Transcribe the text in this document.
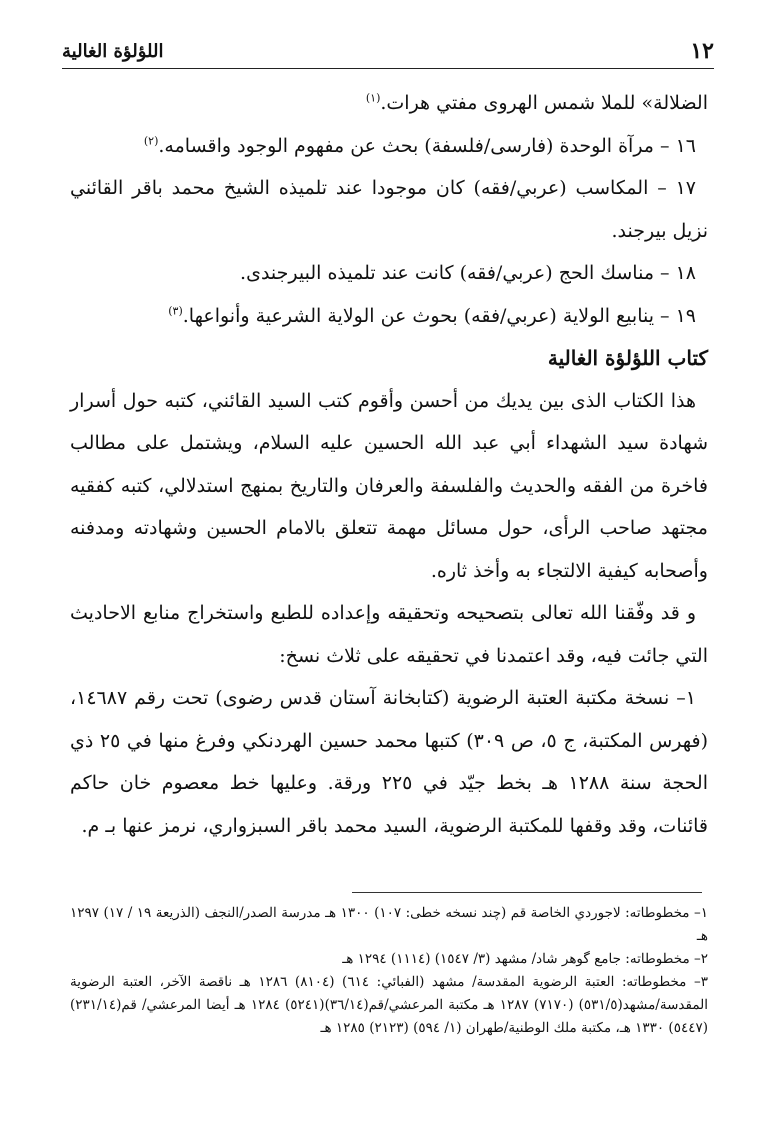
١٢
اللؤلؤة الغالية

الضلالة» للملا شمس الهروى مفتي هرات.$^{(١)}$

١٦ – مرآة الوحدة (فارسى/فلسفة) بحث عن مفهوم الوجود واقسامه.$^{(٢)}$

١٧ – المكاسب (عربي/فقه) كان موجودا عند تلميذه الشيخ محمد باقر القائني نزيل بيرجند.

١٨ – مناسك الحج (عربي/فقه) كانت عند تلميذه البيرجندى.

١٩ – ينابيع الولاية (عربي/فقه) بحوث عن الولاية الشرعية وأنواعها.$^{(٣)}$

كتاب اللؤلؤة الغالية

هذا الكتاب الذى بين يديك من أحسن وأقوم كتب السيد القائني، كتبه حول أسرار شهادة سيد الشهداء أبي عبد الله الحسين عليه السلام، ويشتمل على مطالب فاخرة من الفقه والحديث والفلسفة والعرفان والتاريخ بمنهج استدلالي، كتبه كفقيه مجتهد صاحب الرأى، حول مسائل مهمة تتعلق بالامام الحسين وشهادته ومدفنه وأصحابه كيفية الالتجاء به وأخذ ثاره.

و قد وفّقنا الله تعالى بتصحيحه وتحقيقه وإعداده للطبع واستخراج منابع الاحاديث التي جائت فيه، وقد اعتمدنا في تحقيقه على ثلاث نسخ:

١– نسخة مكتبة العتبة الرضوية (كتابخانة آستان قدس رضوى) تحت رقم ١٤٦٨٧، (فهرس المكتبة، ج ٥، ص ٣٠٩) كتبها محمد حسين الهردنكي وفرغ منها في ٢٥ ذي الحجة سنة ١٢٨٨ هـ بخط جيّد في ٢٢٥ ورقة. وعليها خط معصوم خان حاكم قائنات، وقد وقفها للمكتبة الرضوية، السيد محمد باقر السبزواري، نرمز عنها بـ م.

١– مخطوطاته: لاجوردي الخاصة قم (چند نسخه خطى: ١٠٧) ١٣٠٠ هـ مدرسة الصدر/النجف (الذريعة ١٩ / ١٧) ١٢٩٧ هـ

٢– مخطوطاته: جامع گوهر شاد/ مشهد (٣/ ١٥٤٧) (١١١٤) ١٢٩٤ هـ

٣– مخطوطاته: العتبة الرضوية المقدسة/ مشهد (الفبائي: ٦١٤) (٨١٠٤) ١٢٨٦ هـ ناقصة الآخر، العتبة الرضوية المقدسة/مشهد(٥٣١/٥) (٧١٧٠) ١٢٨٧ هـ مكتبة المرعشي/قم(٣٦/١٤)(٥٢٤١) ١٢٨٤ هـ أيضا المرعشي/ قم(٢٣١/١٤) (٥٤٤٧) ١٣٣٠ هـ، مكتبة ملك الوطنية/طهران (١/ ٥٩٤) (٢١٢٣) ١٢٨٥ هـ
